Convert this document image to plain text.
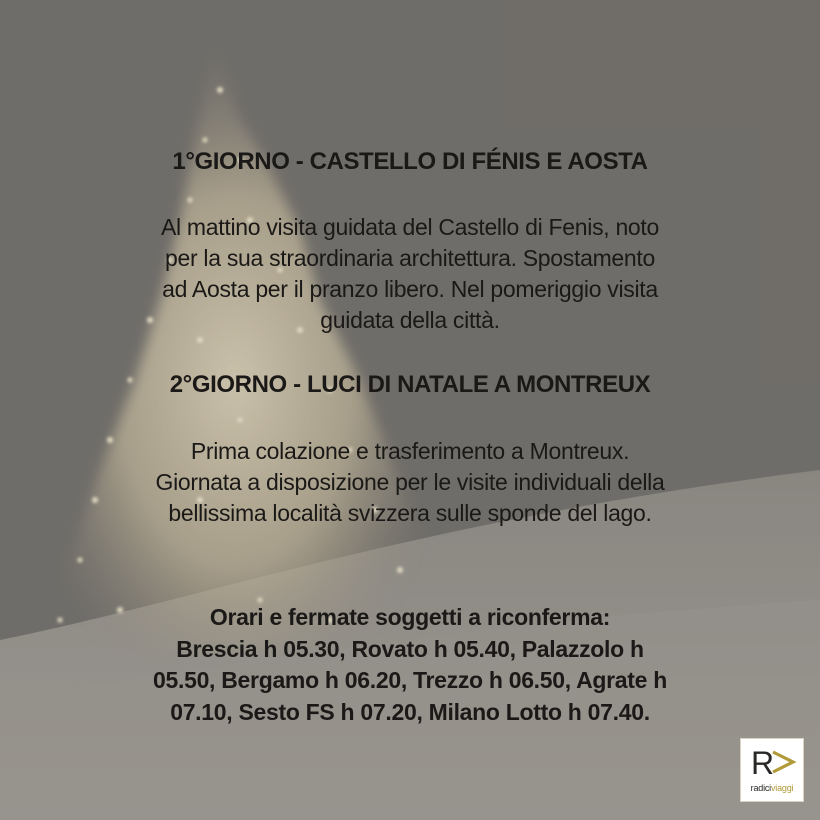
1°GIORNO - CASTELLO DI FÉNIS E AOSTA
Al mattino visita guidata del Castello di Fenis, noto
per la sua straordinaria architettura. Spostamento
ad Aosta per il pranzo libero. Nel pomeriggio visita
guidata della città.
2°GIORNO - LUCI DI NATALE A MONTREUX
Prima colazione e trasferimento a Montreux.
Giornata a disposizione per le visite individuali della
bellissima località svizzera sulle sponde del lago.
Orari e fermate soggetti a riconferma:
Brescia h 05.30, Rovato h 05.40, Palazzolo h
05.50, Bergamo h 06.20, Trezzo h 06.50, Agrate h
07.10, Sesto FS h 07.20, Milano Lotto h 07.40.
R
radiciviaggi
